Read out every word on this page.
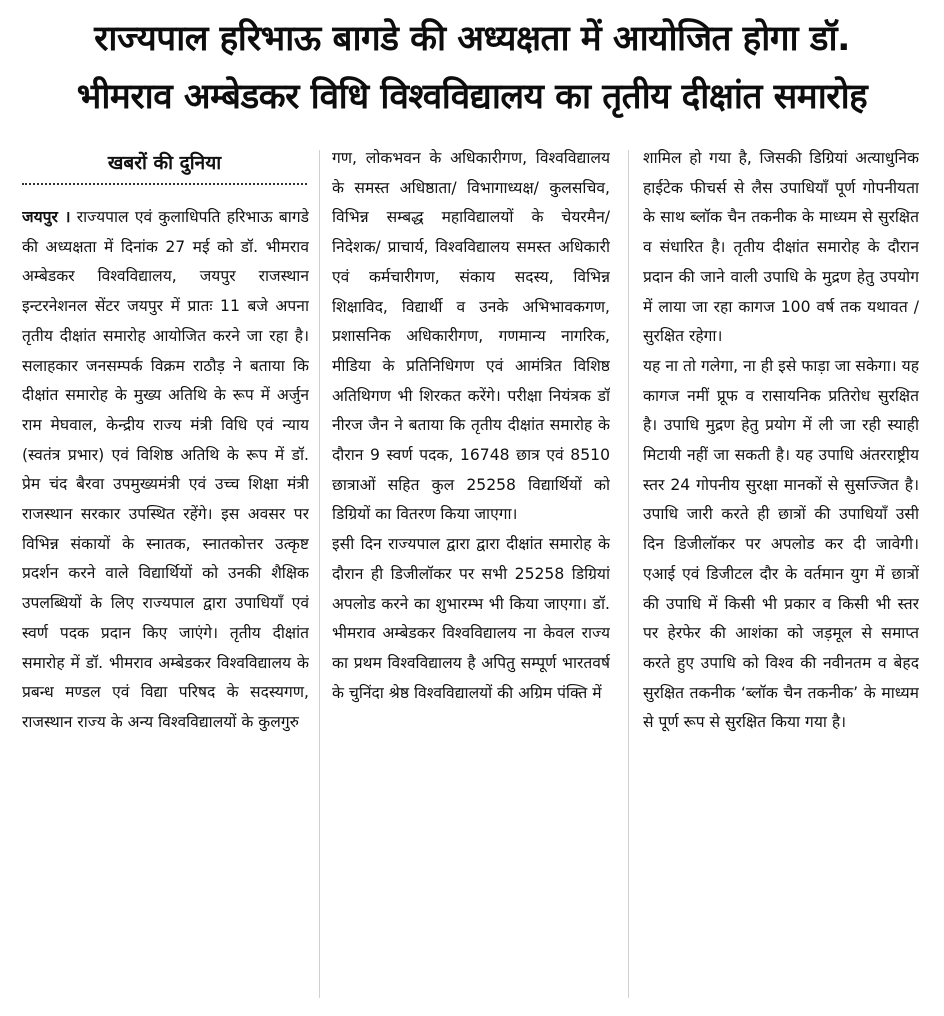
राज्यपाल हरिभाऊ बागडे की अध्यक्षता में आयोजित होगा डॉ.
भीमराव अम्बेडकर विधि विश्वविद्यालय का तृतीय दीक्षांत समारोह
खबरों की दुनिया

जयपुर । राज्यपाल एवं कुलाधिपति हरिभाऊ बागडे की अध्यक्षता में दिनांक 27 मई को डॉ. भीमराव अम्बेडकर विश्वविद्यालय, जयपुर राजस्थान इन्टरनेशनल सेंटर जयपुर में प्रातः 11 बजे अपना तृतीय दीक्षांत समारोह आयोजित करने जा रहा है। सलाहकार जनसम्पर्क विक्रम राठौड़ ने बताया कि दीक्षांत समारोह के मुख्य अतिथि के रूप में अर्जुन राम मेघवाल, केन्द्रीय राज्य मंत्री विधि एवं न्याय (स्वतंत्र प्रभार) एवं विशिष्ठ अतिथि के रूप में डॉ. प्रेम चंद बैरवा उपमुख्यमंत्री एवं उच्च शिक्षा मंत्री राजस्थान सरकार उपस्थित रहेंगे। इस अवसर पर विभिन्न संकायों के स्नातक, स्नातकोत्तर उत्कृष्ट प्रदर्शन करने वाले विद्यार्थियों को उनकी शैक्षिक उपलब्धियों के लिए राज्यपाल द्वारा उपाधियाँ एवं स्वर्ण पदक प्रदान किए जाएंगे। तृतीय दीक्षांत समारोह में डॉ. भीमराव अम्बेडकर विश्वविद्यालय के प्रबन्ध मण्डल एवं विद्या परिषद के सदस्यगण, राजस्थान राज्य के अन्य विश्वविद्यालयों के कुलगुरु

गण, लोकभवन के अधिकारीगण, विश्वविद्यालय के समस्त अधिष्ठाता/ विभागाध्यक्ष/ कुलसचिव, विभिन्न सम्बद्ध महाविद्यालयों के चेयरमैन/ निदेशक/ प्राचार्य, विश्वविद्यालय समस्त अधिकारी एवं कर्मचारीगण, संकाय सदस्य, विभिन्न शिक्षाविद, विद्यार्थी व उनके अभिभावकगण, प्रशासनिक अधिकारीगण, गणमान्य नागरिक, मीडिया के प्रतिनिधिगण एवं आमंत्रित विशिष्ठ अतिथिगण भी शिरकत करेंगे। परीक्षा नियंत्रक डॉ नीरज जैन ने बताया कि तृतीय दीक्षांत समारोह के दौरान 9 स्वर्ण पदक, 16748 छात्र एवं 8510 छात्राओं सहित कुल 25258 विद्यार्थियों को डिग्रियों का वितरण किया जाएगा।

इसी दिन राज्यपाल द्वारा द्वारा दीक्षांत समारोह के दौरान ही डिजीलॉकर पर सभी 25258 डिग्रियां अपलोड करने का शुभारम्भ भी किया जाएगा। डॉ. भीमराव अम्बेडकर विश्वविद्यालय ना केवल राज्य का प्रथम विश्वविद्यालय है अपितु सम्पूर्ण भारतवर्ष के चुनिंदा श्रेष्ठ विश्वविद्यालयों की अग्रिम पंक्ति में

शामिल हो गया है, जिसकी डिग्रियां अत्याधुनिक हाईटेक फीचर्स से लैस उपाधियाँ पूर्ण गोपनीयता के साथ ब्लॉक चैन तकनीक के माध्यम से सुरक्षित व संधारित है। तृतीय दीक्षांत समारोह के दौरान प्रदान की जाने वाली उपाधि के मुद्रण हेतु उपयोग में लाया जा रहा कागज 100 वर्ष तक यथावत / सुरक्षित रहेगा।

यह ना तो गलेगा, ना ही इसे फाड़ा जा सकेगा। यह कागज नमीं प्रूफ व रासायनिक प्रतिरोध सुरक्षित है। उपाधि मुद्रण हेतु प्रयोग में ली जा रही स्याही मिटायी नहीं जा सकती है। यह उपाधि अंतरराष्ट्रीय स्तर 24 गोपनीय सुरक्षा मानकों से सुसज्जित है। उपाधि जारी करते ही छात्रों की उपाधियाँ उसी दिन डिजीलॉकर पर अपलोड कर दी जावेगी। एआई एवं डिजीटल दौर के वर्तमान युग में छात्रों की उपाधि में किसी भी प्रकार व किसी भी स्तर पर हेरफेर की आशंका को जड़मूल से समाप्त करते हुए उपाधि को विश्व की नवीनतम व बेहद सुरक्षित तकनीक ‘ब्लॉक चैन तकनीक’ के माध्यम से पूर्ण रूप से सुरक्षित किया गया है।
